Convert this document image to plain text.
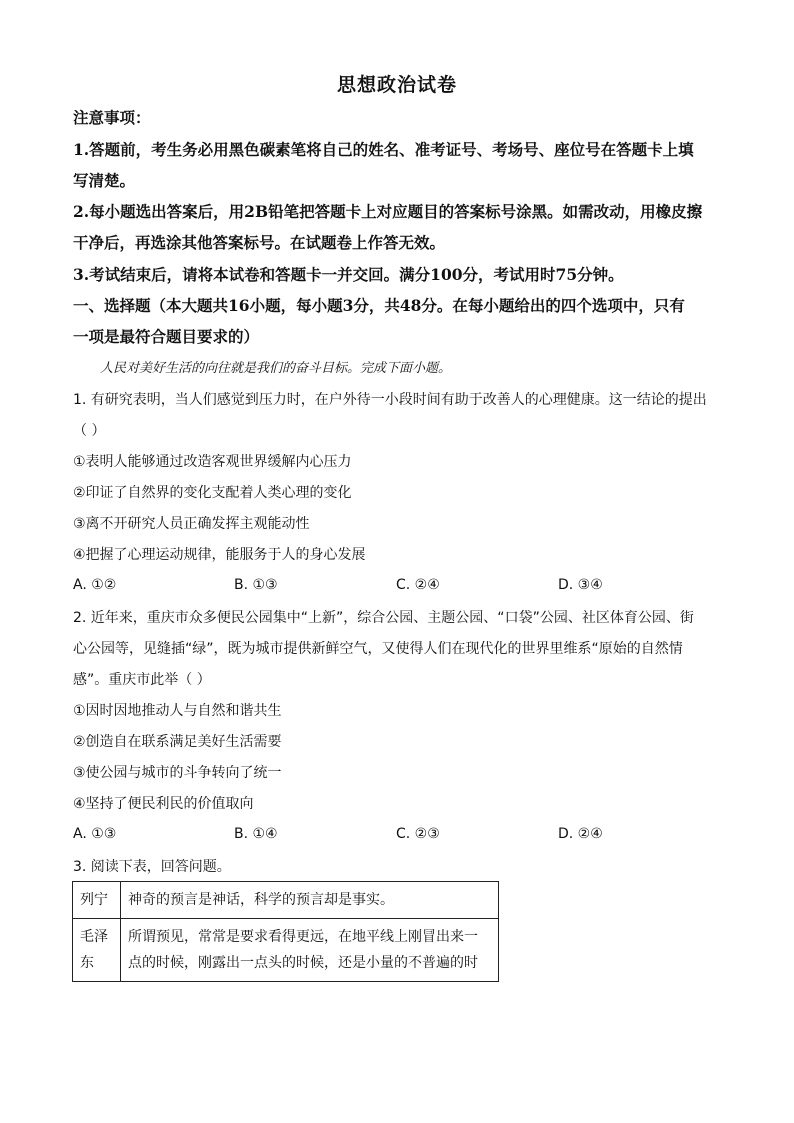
思想政治试卷
注意事项：
1.答题前，考生务必用黑色碳素笔将自己的姓名、准考证号、考场号、座位号在答题卡上填
写清楚。
2.每小题选出答案后，用2B铅笔把答题卡上对应题目的答案标号涂黑。如需改动，用橡皮擦
干净后，再选涂其他答案标号。在试题卷上作答无效。
3.考试结束后，请将本试卷和答题卡一并交回。满分100分，考试用时75分钟。
一、选择题（本大题共16小题，每小题3分，共48分。在每小题给出的四个选项中，只有
一项是最符合题目要求的）
人民对美好生活的向往就是我们的奋斗目标。完成下面小题。
1. 有研究表明，当人们感觉到压力时，在户外待一小段时间有助于改善人的心理健康。这一结论的提出
（ ）
①表明人能够通过改造客观世界缓解内心压力
②印证了自然界的变化支配着人类心理的变化
③离不开研究人员正确发挥主观能动性
④把握了心理运动规律，能服务于人的身心发展
A. ①②	B. ①③	C. ②④	D. ③④
2. 近年来，重庆市众多便民公园集中“上新”，综合公园、主题公园、“口袋”公园、社区体育公园、街
心公园等，见缝插“绿”，既为城市提供新鲜空气，又使得人们在现代化的世界里维系“原始的自然情
感”。重庆市此举（ ）
①因时因地推动人与自然和谐共生
②创造自在联系满足美好生活需要
③使公园与城市的斗争转向了统一
④坚持了便民利民的价值取向
A. ①③	B. ①④	C. ②③	D. ②④
3. 阅读下表，回答问题。
列宁	神奇的预言是神话，科学的预言却是事实。
毛泽东	所谓预见，常常是要求看得更远，在地平线上刚冒出来一点的时候，刚露出一点头的时候，还是小量的不普遍的时
